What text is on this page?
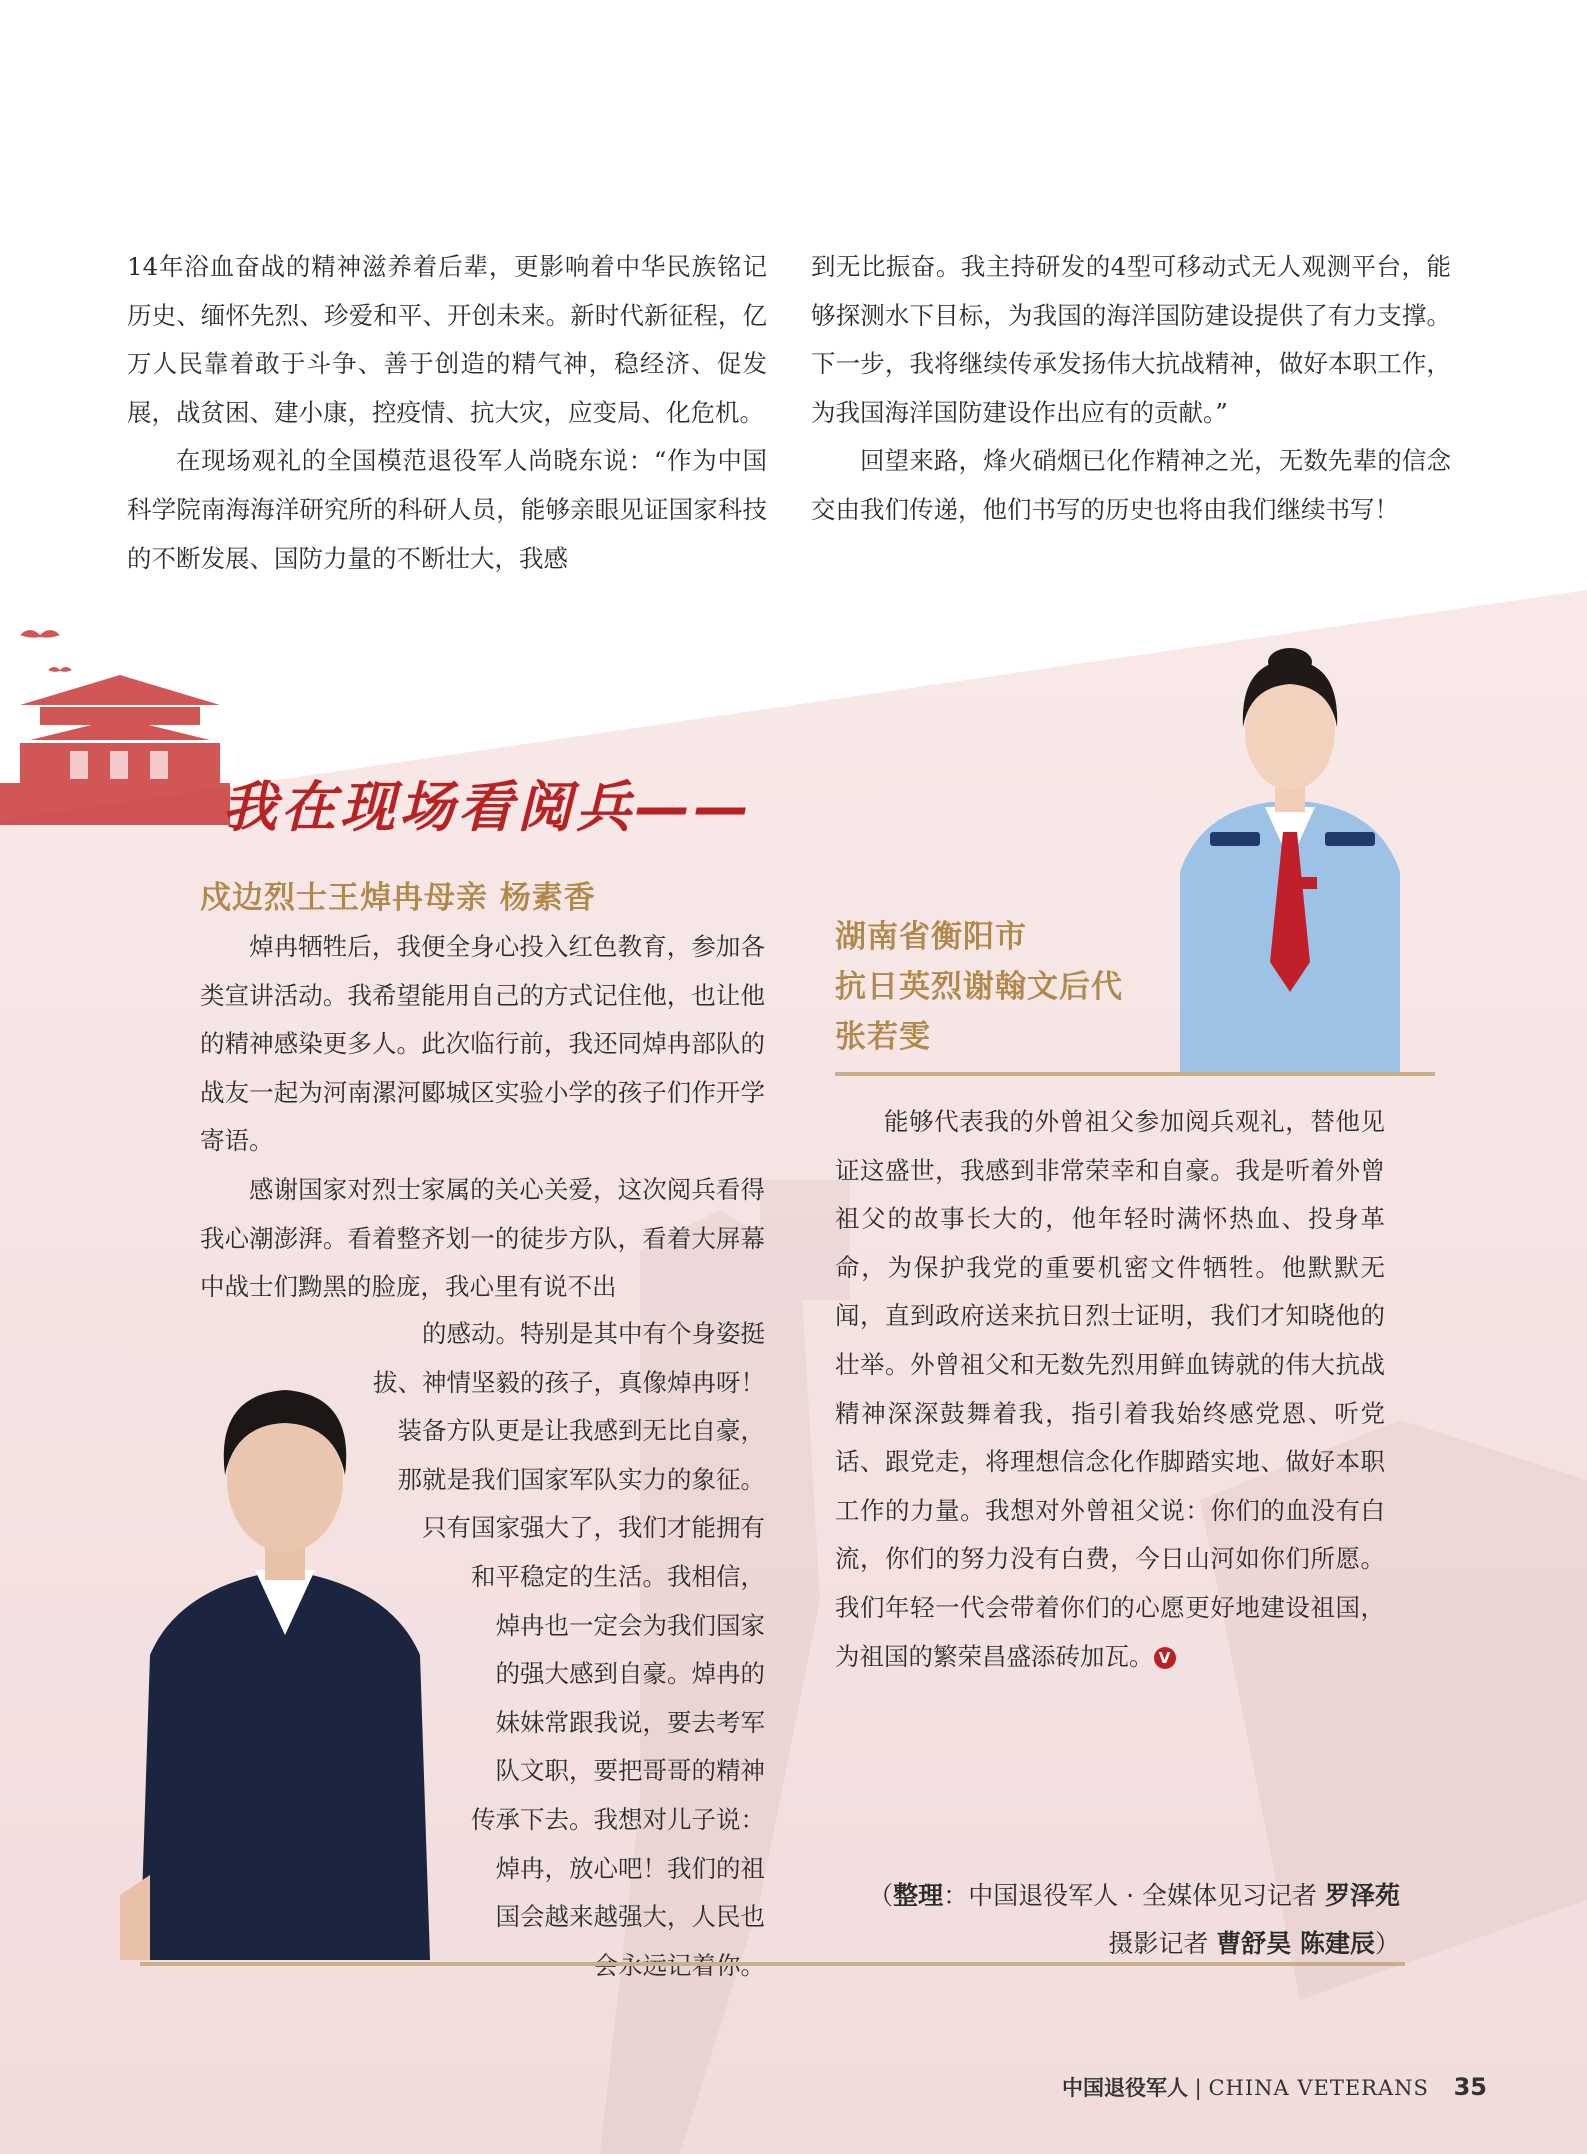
14年浴血奋战的精神滋养着后辈，更影响着中华民族铭记历史、缅怀先烈、珍爱和平、开创未来。新时代新征程，亿万人民靠着敢于斗争、善于创造的精气神，稳经济、促发展，战贫困、建小康，控疫情、抗大灾，应变局、化危机。

在现场观礼的全国模范退役军人尚晓东说：“作为中国科学院南海海洋研究所的科研人员，能够亲眼见证国家科技的不断发展、国防力量的不断壮大，我感

到无比振奋。我主持研发的4型可移动式无人观测平台，能够探测水下目标，为我国的海洋国防建设提供了有力支撑。下一步，我将继续传承发扬伟大抗战精神，做好本职工作，为我国海洋国防建设作出应有的贡献。”

回望来路，烽火硝烟已化作精神之光，无数先辈的信念交由我们传递，他们书写的历史也将由我们继续书写！

我在现场看阅兵——
湖南省衡阳市
抗日英烈谢翰文后代
张若雯
戍边烈士王焯冉母亲 杨素香

焯冉牺牲后，我便全身心投入红色教育，参加各类宣讲活动。我希望能用自己的方式记住他，也让他的精神感染更多人。此次临行前，我还同焯冉部队的战友一起为河南漯河郾城区实验小学的孩子们作开学寄语。

感谢国家对烈士家属的关心关爱，这次阅兵看得我心潮澎湃。看着整齐划一的徒步方队，看着大屏幕中战士们黝黑的脸庞，我心里有说不出

的感动。特别是其中有个身姿挺

拔、神情坚毅的孩子，真像焯冉呀！

装备方队更是让我感到无比自豪，

那就是我们国家军队实力的象征。

只有国家强大了，我们才能拥有

和平稳定的生活。我相信，

焯冉也一定会为我们国家

的强大感到自豪。焯冉的

妹妹常跟我说，要去考军

队文职，要把哥哥的精神

传承下去。我想对儿子说：

焯冉，放心吧！我们的祖

国会越来越强大，人民也

能够代表我的外曾祖父参加阅兵观礼，替他见证这盛世，我感到非常荣幸和自豪。我是听着外曾祖父的故事长大的，他年轻时满怀热血、投身革命，为保护我党的重要机密文件牺牲。他默默无闻，直到政府送来抗日烈士证明，我们才知晓他的壮举。外曾祖父和无数先烈用鲜血铸就的伟大抗战精神深深鼓舞着我，指引着我始终感党恩、听党话、跟党走，将理想信念化作脚踏实地、做好本职工作的力量。我想对外曾祖父说：你们的血没有白流，你们的努力没有白费，今日山河如你们所愿。我们年轻一代会带着你们的心愿更好地建设祖国，为祖国的繁荣昌盛添砖加瓦。 V

（整理：中国退役军人 · 全媒体见习记者 罗泽苑
摄影记者 曹舒昊 陈建辰）
中国退役军人 | CHINA VETERANS 35
